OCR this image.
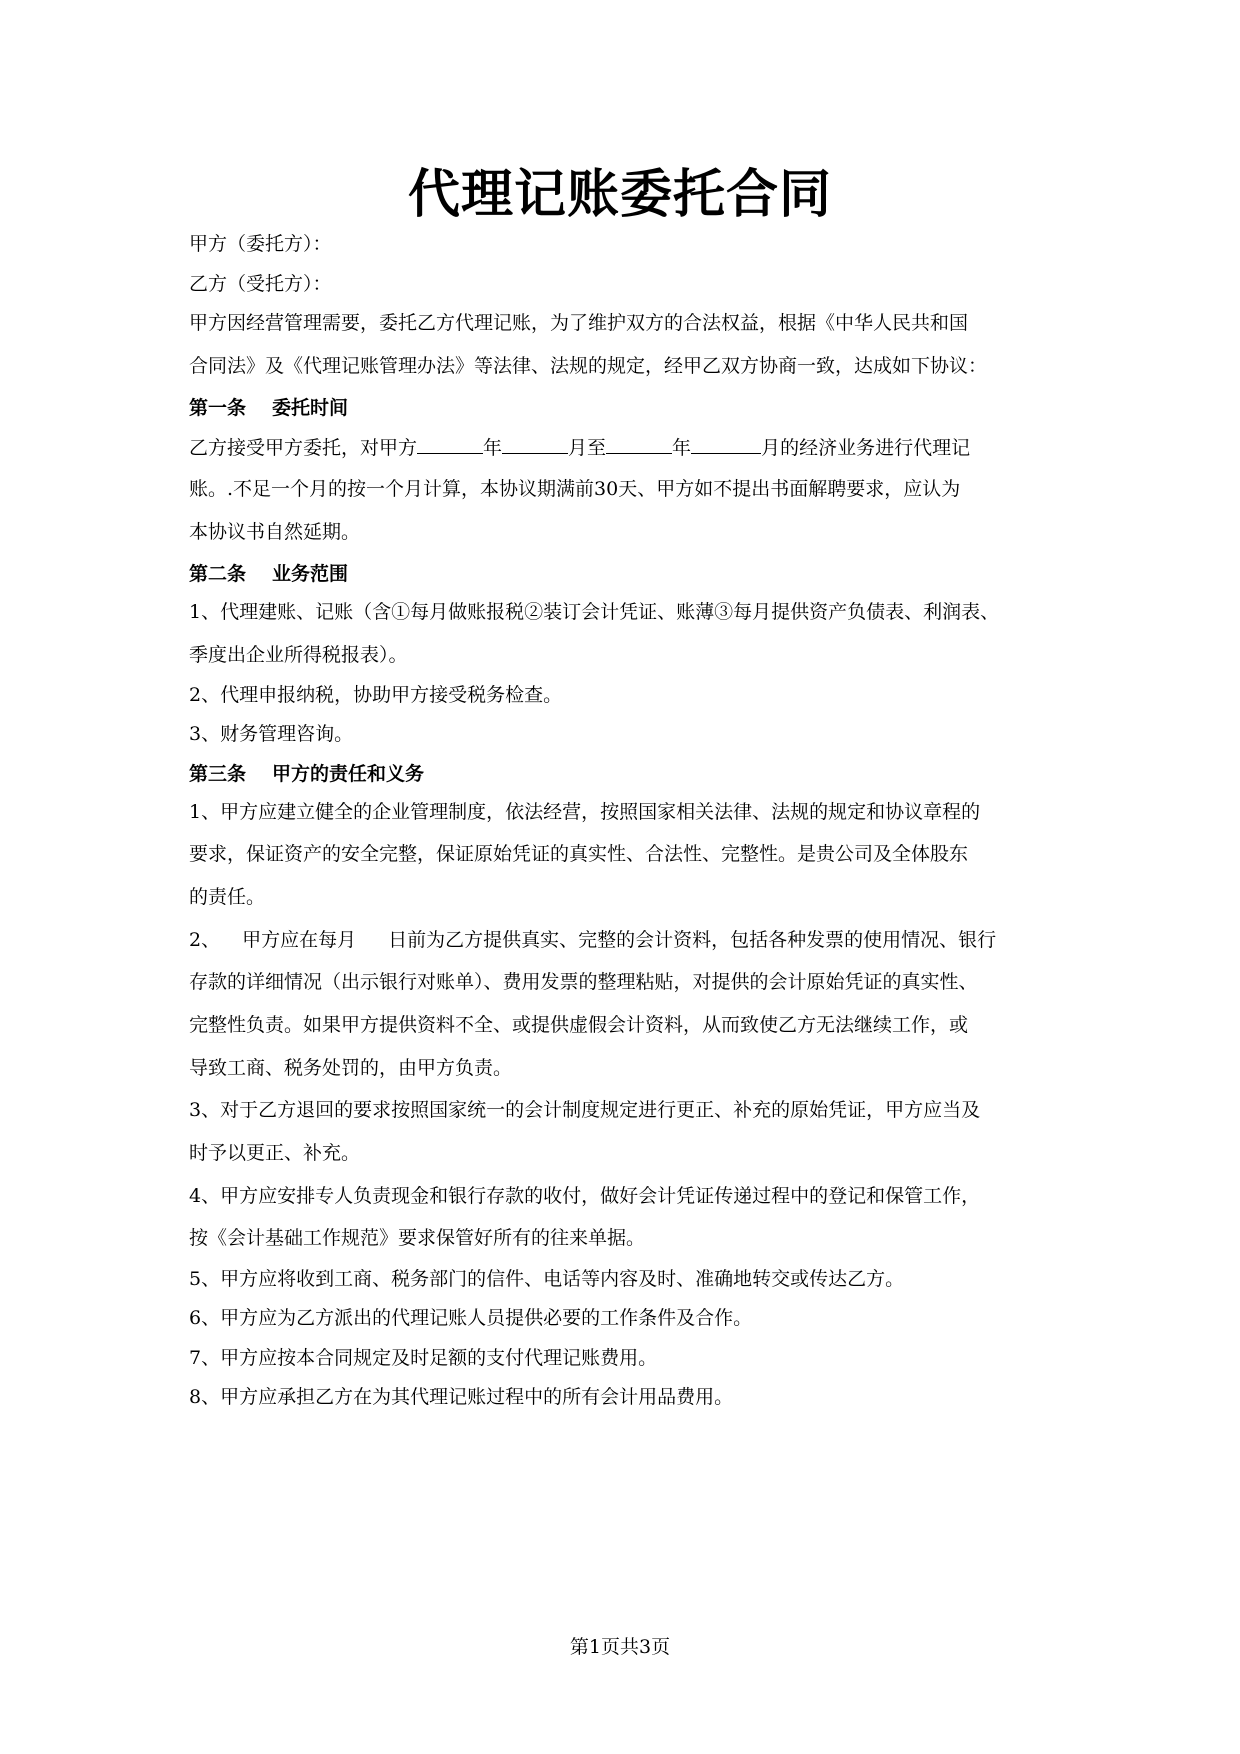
代理记账委托合同
甲方（委托方）：
乙方（受托方）：
甲方因经营管理需要，委托乙方代理记账，为了维护双方的合法权益，根据《中华人民共和国
合同法》及《代理记账管理办法》等法律、法规的规定，经甲乙双方协商一致，达成如下协议：
第一条 委托时间
乙方接受甲方委托，对甲方	年	月至	年	月的经济业务进行代理记
账。.不足一个月的按一个月计算，本协议期满前30天、甲方如不提出书面解聘要求，应认为
本协议书自然延期。
第二条 业务范围
1、代理建账、记账（含①每月做账报税②装订会计凭证、账薄③每月提供资产负债表、利润表、
季度出企业所得税报表）。
2、代理申报纳税，协助甲方接受税务检查。
3、财务管理咨询。
第三条 甲方的责任和义务
1、甲方应建立健全的企业管理制度，依法经营，按照国家相关法律、法规的规定和协议章程的
要求，保证资产的安全完整，保证原始凭证的真实性、合法性、完整性。是贵公司及全体股东
的责任。
2、 甲方应在每月 日前为乙方提供真实、完整的会计资料，包括各种发票的使用情况、银行
存款的详细情况（出示银行对账单）、费用发票的整理粘贴，对提供的会计原始凭证的真实性、
完整性负责。如果甲方提供资料不全、或提供虚假会计资料，从而致使乙方无法继续工作，或
导致工商、税务处罚的，由甲方负责。
3、对于乙方退回的要求按照国家统一的会计制度规定进行更正、补充的原始凭证，甲方应当及
时予以更正、补充。
4、甲方应安排专人负责现金和银行存款的收付，做好会计凭证传递过程中的登记和保管工作，
按《会计基础工作规范》要求保管好所有的往来单据。
5、甲方应将收到工商、税务部门的信件、电话等内容及时、准确地转交或传达乙方。
6、甲方应为乙方派出的代理记账人员提供必要的工作条件及合作。
7、甲方应按本合同规定及时足额的支付代理记账费用。
8、甲方应承担乙方在为其代理记账过程中的所有会计用品费用。
第1页共3页
